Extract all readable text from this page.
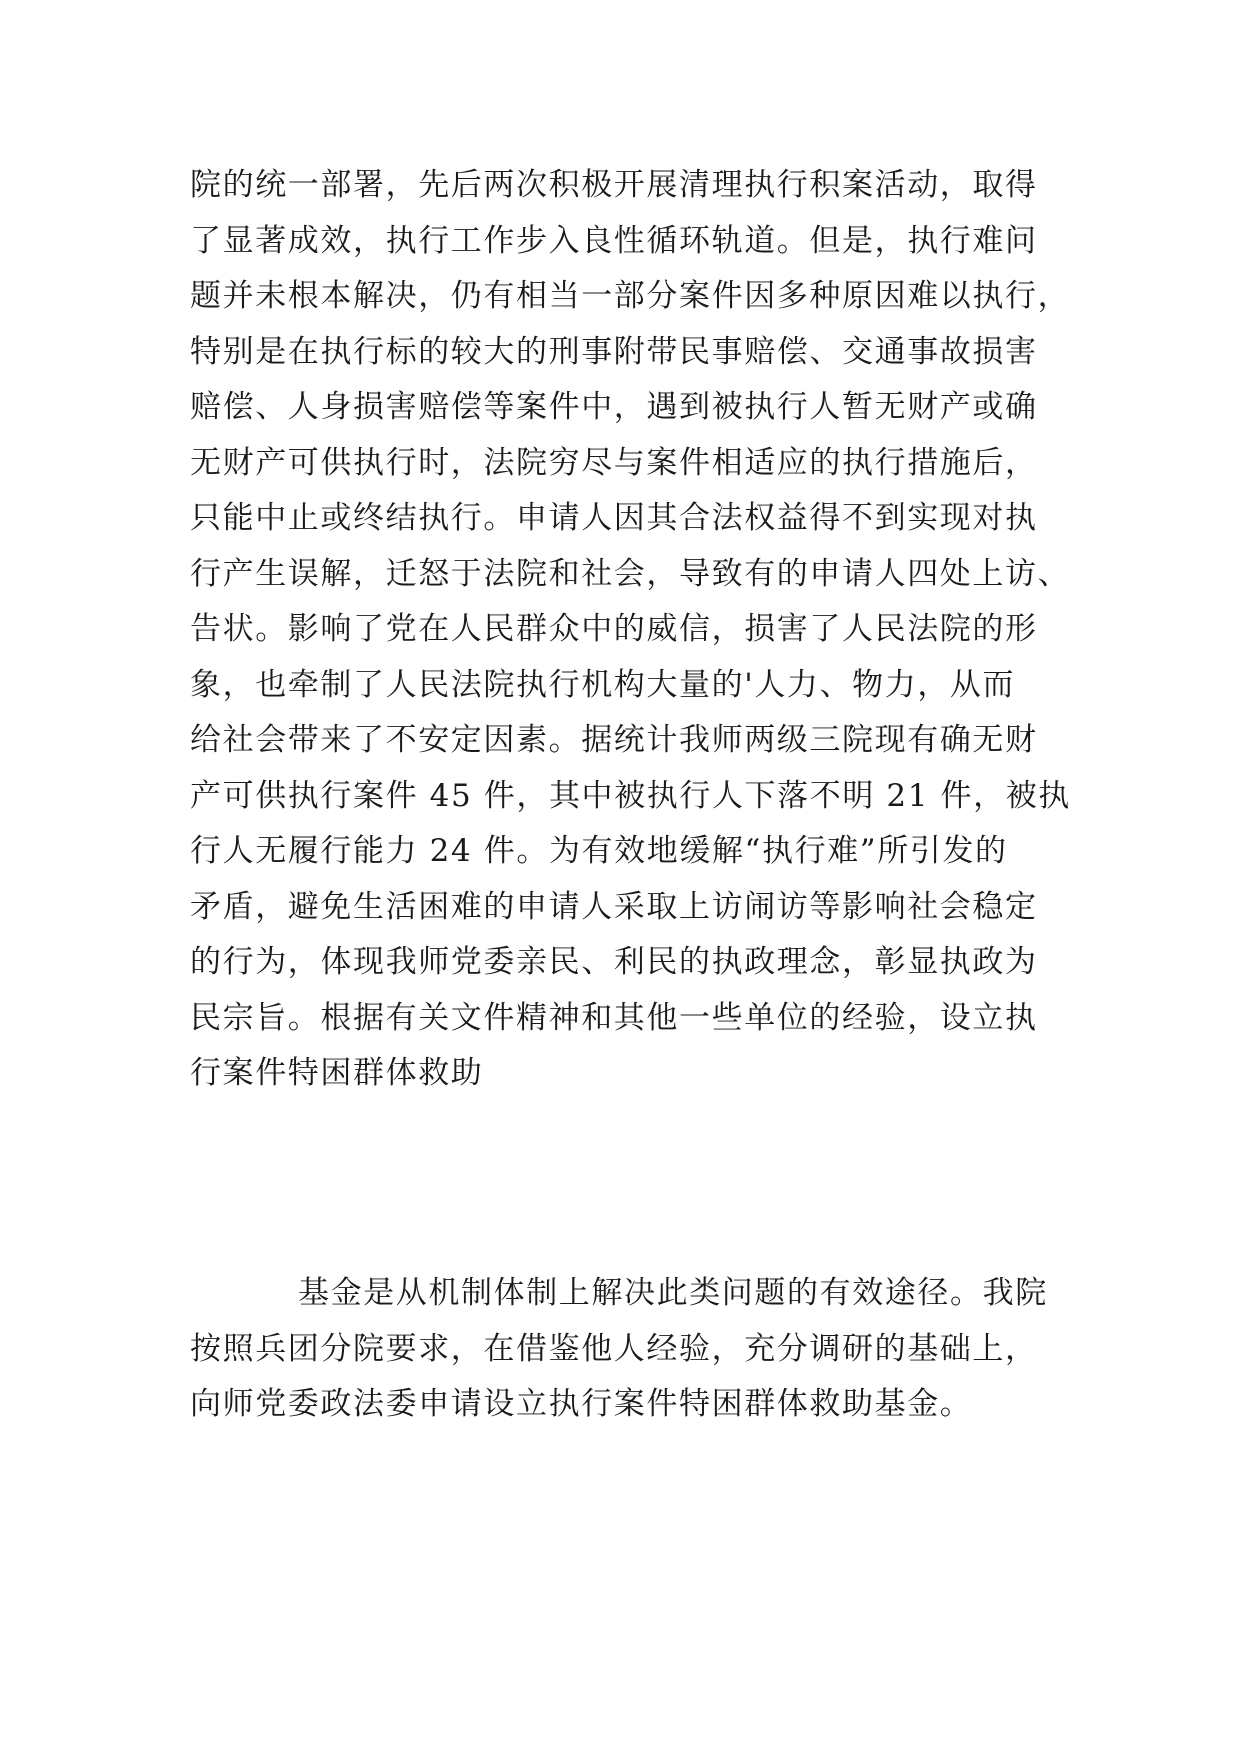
院的统一部署，先后两次积极开展清理执行积案活动，取得
了显著成效，执行工作步入良性循环轨道。但是，执行难问
题并未根本解决，仍有相当一部分案件因多种原因难以执行，
特别是在执行标的较大的刑事附带民事赔偿、交通事故损害
赔偿、人身损害赔偿等案件中，遇到被执行人暂无财产或确
无财产可供执行时，法院穷尽与案件相适应的执行措施后，
只能中止或终结执行。申请人因其合法权益得不到实现对执
行产生误解，迁怒于法院和社会，导致有的申请人四处上访、
告状。影响了党在人民群众中的威信，损害了人民法院的形
象，也牵制了人民法院执行机构大量的'人力、物力，从而
给社会带来了不安定因素。据统计我师两级三院现有确无财
产可供执行案件 45 件，其中被执行人下落不明 21 件，被执
行人无履行能力 24 件。为有效地缓解“执行难”所引发的
矛盾，避免生活困难的申请人采取上访闹访等影响社会稳定
的行为，体现我师党委亲民、利民的执政理念，彰显执政为
民宗旨。根据有关文件精神和其他一些单位的经验，设立执
行案件特困群体救助
基金是从机制体制上解决此类问题的有效途径。我院
按照兵团分院要求，在借鉴他人经验，充分调研的基础上，
向师党委政法委申请设立执行案件特困群体救助基金。
